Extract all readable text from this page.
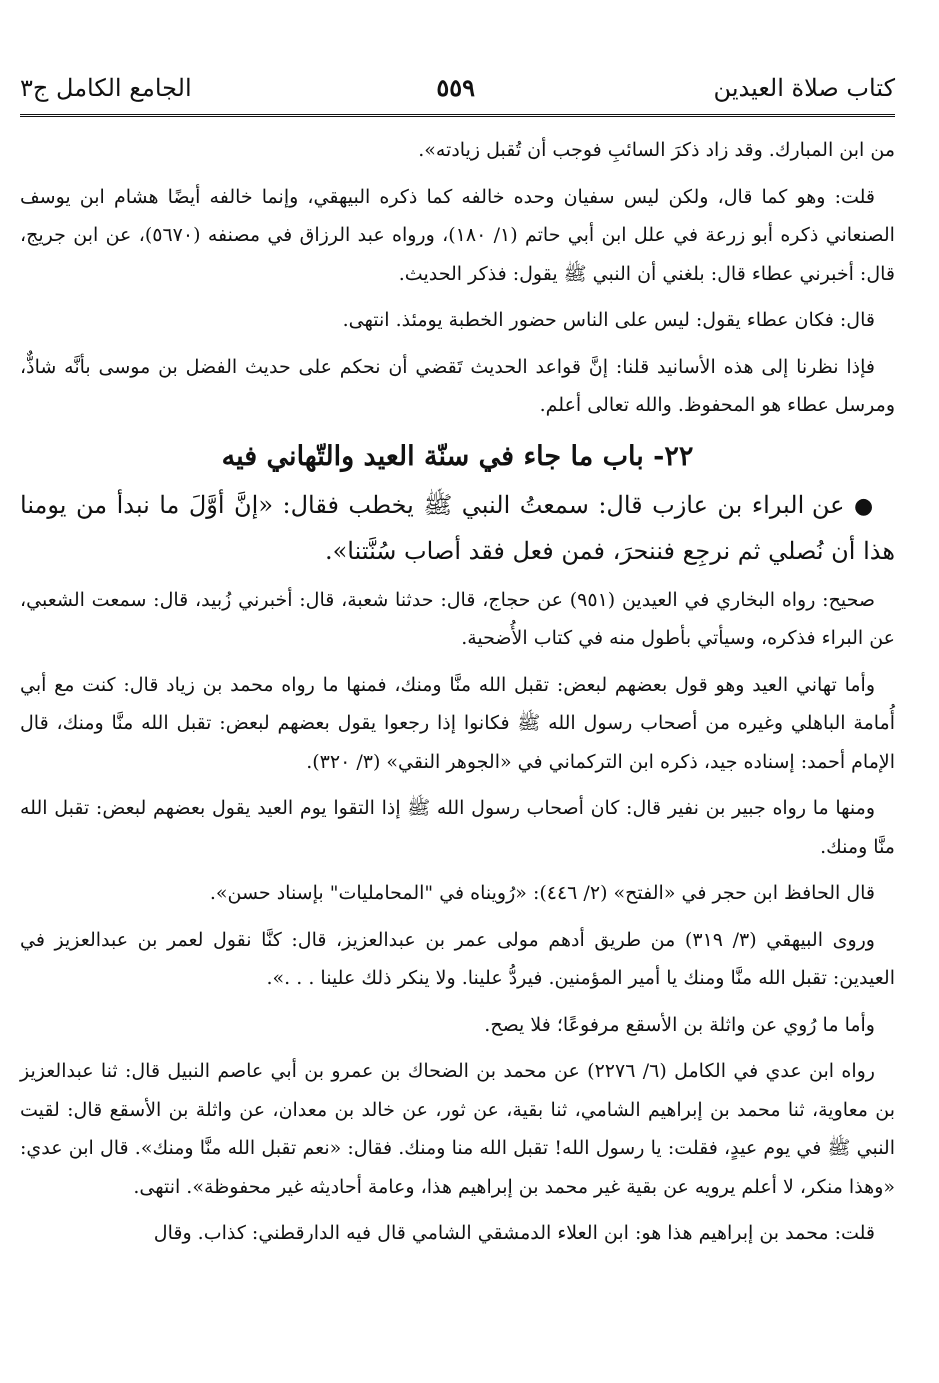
كتاب صلاة العيدين
٥٥٩
الجامع الكامل ج٣

من ابن المبارك. وقد زاد ذكرَ السائبِ فوجب أن تُقبل زيادته».

قلت: وهو كما قال، ولكن ليس سفيان وحده خالفه كما ذكره البيهقي، وإنما خالفه أيضًا هشام ابن يوسف الصنعاني ذكره أبو زرعة في علل ابن أبي حاتم (١/ ١٨٠)، ورواه عبد الرزاق في مصنفه (٥٦٧٠)، عن ابن جريج، قال: أخبرني عطاء قال: بلغني أن النبي ﷺ يقول: فذكر الحديث.

قال: فكان عطاء يقول: ليس على الناس حضور الخطبة يومئذ. انتهى.

فإذا نظرنا إلى هذه الأسانيد قلنا: إنَّ قواعد الحديث تَقضي أن نحكم على حديث الفضل بن موسى بأنَّه شاذٌّ، ومرسل عطاء هو المحفوظ. والله تعالى أعلم.

٢٢- باب ما جاء في سنّة العيد والتّهاني فيه

● عن البراء بن عازب قال: سمعتُ النبي ﷺ يخطب فقال: «إنَّ أوَّلَ ما نبدأ من يومنا هذا أن نُصلي ثم نرجِع فننحرَ، فمن فعل فقد أصاب سُنَّتنا».

صحيح: رواه البخاري في العيدين (٩٥١) عن حجاج، قال: حدثنا شعبة، قال: أخبرني زُبيد، قال: سمعت الشعبي، عن البراء فذكره، وسيأتي بأطول منه في كتاب الأُضحية.

وأما تهاني العيد وهو قول بعضهم لبعض: تقبل الله منَّا ومنك، فمنها ما رواه محمد بن زياد قال: كنت مع أبي أُمامة الباهلي وغيره من أصحاب رسول الله ﷺ فكانوا إذا رجعوا يقول بعضهم لبعض: تقبل الله منَّا ومنك، قال الإمام أحمد: إسناده جيد، ذكره ابن التركماني في «الجوهر النقي» (٣/ ٣٢٠).

ومنها ما رواه جبير بن نفير قال: كان أصحاب رسول الله ﷺ إذا التقوا يوم العيد يقول بعضهم لبعض: تقبل الله منَّا ومنك.

قال الحافظ ابن حجر في «الفتح» (٢/ ٤٤٦): «رُويناه في "المحامليات" بإسناد حسن».

وروى البيهقي (٣/ ٣١٩) من طريق أدهم مولى عمر بن عبدالعزيز، قال: كنَّا نقول لعمر بن عبدالعزيز في العيدين: تقبل الله منَّا ومنك يا أمير المؤمنين. فيردُّ علينا. ولا ينكر ذلك علينا . . .».

وأما ما رُوي عن واثلة بن الأسقع مرفوعًا؛ فلا يصح.

رواه ابن عدي في الكامل (٦/ ٢٢٧٦) عن محمد بن الضحاك بن عمرو بن أبي عاصم النبيل قال: ثنا عبدالعزيز بن معاوية، ثنا محمد بن إبراهيم الشامي، ثنا بقية، عن ثور، عن خالد بن معدان، عن واثلة بن الأسقع قال: لقيت النبي ﷺ في يوم عيدٍ، فقلت: يا رسول الله! تقبل الله منا ومنك. فقال: «نعم تقبل الله منَّا ومنك». قال ابن عدي: «وهذا منكر، لا أعلم يرويه عن بقية غير محمد بن إبراهيم هذا، وعامة أحاديثه غير محفوظة». انتهى.

قلت: محمد بن إبراهيم هذا هو: ابن العلاء الدمشقي الشامي قال فيه الدارقطني: كذاب. وقال
